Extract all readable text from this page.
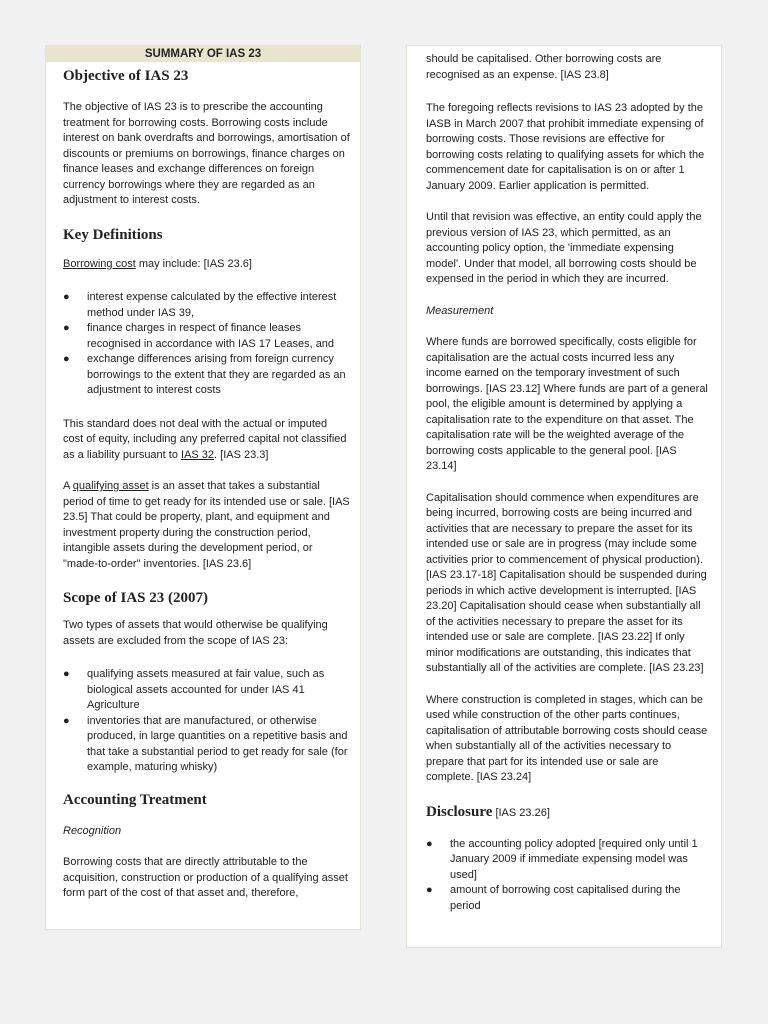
SUMMARY OF IAS 23
Objective of IAS 23

The objective of IAS 23 is to prescribe the accounting treatment for borrowing costs. Borrowing costs include interest on bank overdrafts and borrowings, amortisation of discounts or premiums on borrowings, finance charges on finance leases and exchange differences on foreign currency borrowings where they are regarded as an adjustment to interest costs.

Key Definitions

Borrowing cost may include: [IAS 23.6]

●	interest expense calculated by the effective interest method under IAS 39,
●	finance charges in respect of finance leases recognised in accordance with IAS 17 Leases, and
●	exchange differences arising from foreign currency borrowings to the extent that they are regarded as an adjustment to interest costs

This standard does not deal with the actual or imputed cost of equity, including any preferred capital not classified as a liability pursuant to IAS 32. [IAS 23.3]

A qualifying asset is an asset that takes a substantial period of time to get ready for its intended use or sale. [IAS 23.5] That could be property, plant, and equipment and investment property during the construction period, intangible assets during the development period, or "made-to-order" inventories. [IAS 23.6]

Scope of IAS 23 (2007)

Two types of assets that would otherwise be qualifying assets are excluded from the scope of IAS 23:

●	qualifying assets measured at fair value, such as biological assets accounted for under IAS 41 Agriculture
●	inventories that are manufactured, or otherwise produced, in large quantities on a repetitive basis and that take a substantial period to get ready for sale (for example, maturing whisky)
Accounting Treatment

Recognition

Borrowing costs that are directly attributable to the acquisition, construction or production of a qualifying asset form part of the cost of that asset and, therefore,

should be capitalised. Other borrowing costs are recognised as an expense. [IAS 23.8]

The foregoing reflects revisions to IAS 23 adopted by the IASB in March 2007 that prohibit immediate expensing of borrowing costs. Those revisions are effective for borrowing costs relating to qualifying assets for which the commencement date for capitalisation is on or after 1 January 2009. Earlier application is permitted.

Until that revision was effective, an entity could apply the previous version of IAS 23, which permitted, as an accounting policy option, the 'immediate expensing model'. Under that model, all borrowing costs should be expensed in the period in which they are incurred.

Measurement

Where funds are borrowed specifically, costs eligible for capitalisation are the actual costs incurred less any income earned on the temporary investment of such borrowings. [IAS 23.12] Where funds are part of a general pool, the eligible amount is determined by applying a capitalisation rate to the expenditure on that asset. The capitalisation rate will be the weighted average of the borrowing costs applicable to the general pool. [IAS 23.14]

Capitalisation should commence when expenditures are being incurred, borrowing costs are being incurred and activities that are necessary to prepare the asset for its intended use or sale are in progress (may include some activities prior to commencement of physical production). [IAS 23.17-18] Capitalisation should be suspended during periods in which active development is interrupted. [IAS 23.20] Capitalisation should cease when substantially all of the activities necessary to prepare the asset for its intended use or sale are complete. [IAS 23.22] If only minor modifications are outstanding, this indicates that substantially all of the activities are complete. [IAS 23.23]

Where construction is completed in stages, which can be used while construction of the other parts continues, capitalisation of attributable borrowing costs should cease when substantially all of the activities necessary to prepare that part for its intended use or sale are complete. [IAS 23.24]

Disclosure [IAS 23.26]
●	the accounting policy adopted [required only until 1 January 2009 if immediate expensing model was used]
●	amount of borrowing cost capitalised during the period
